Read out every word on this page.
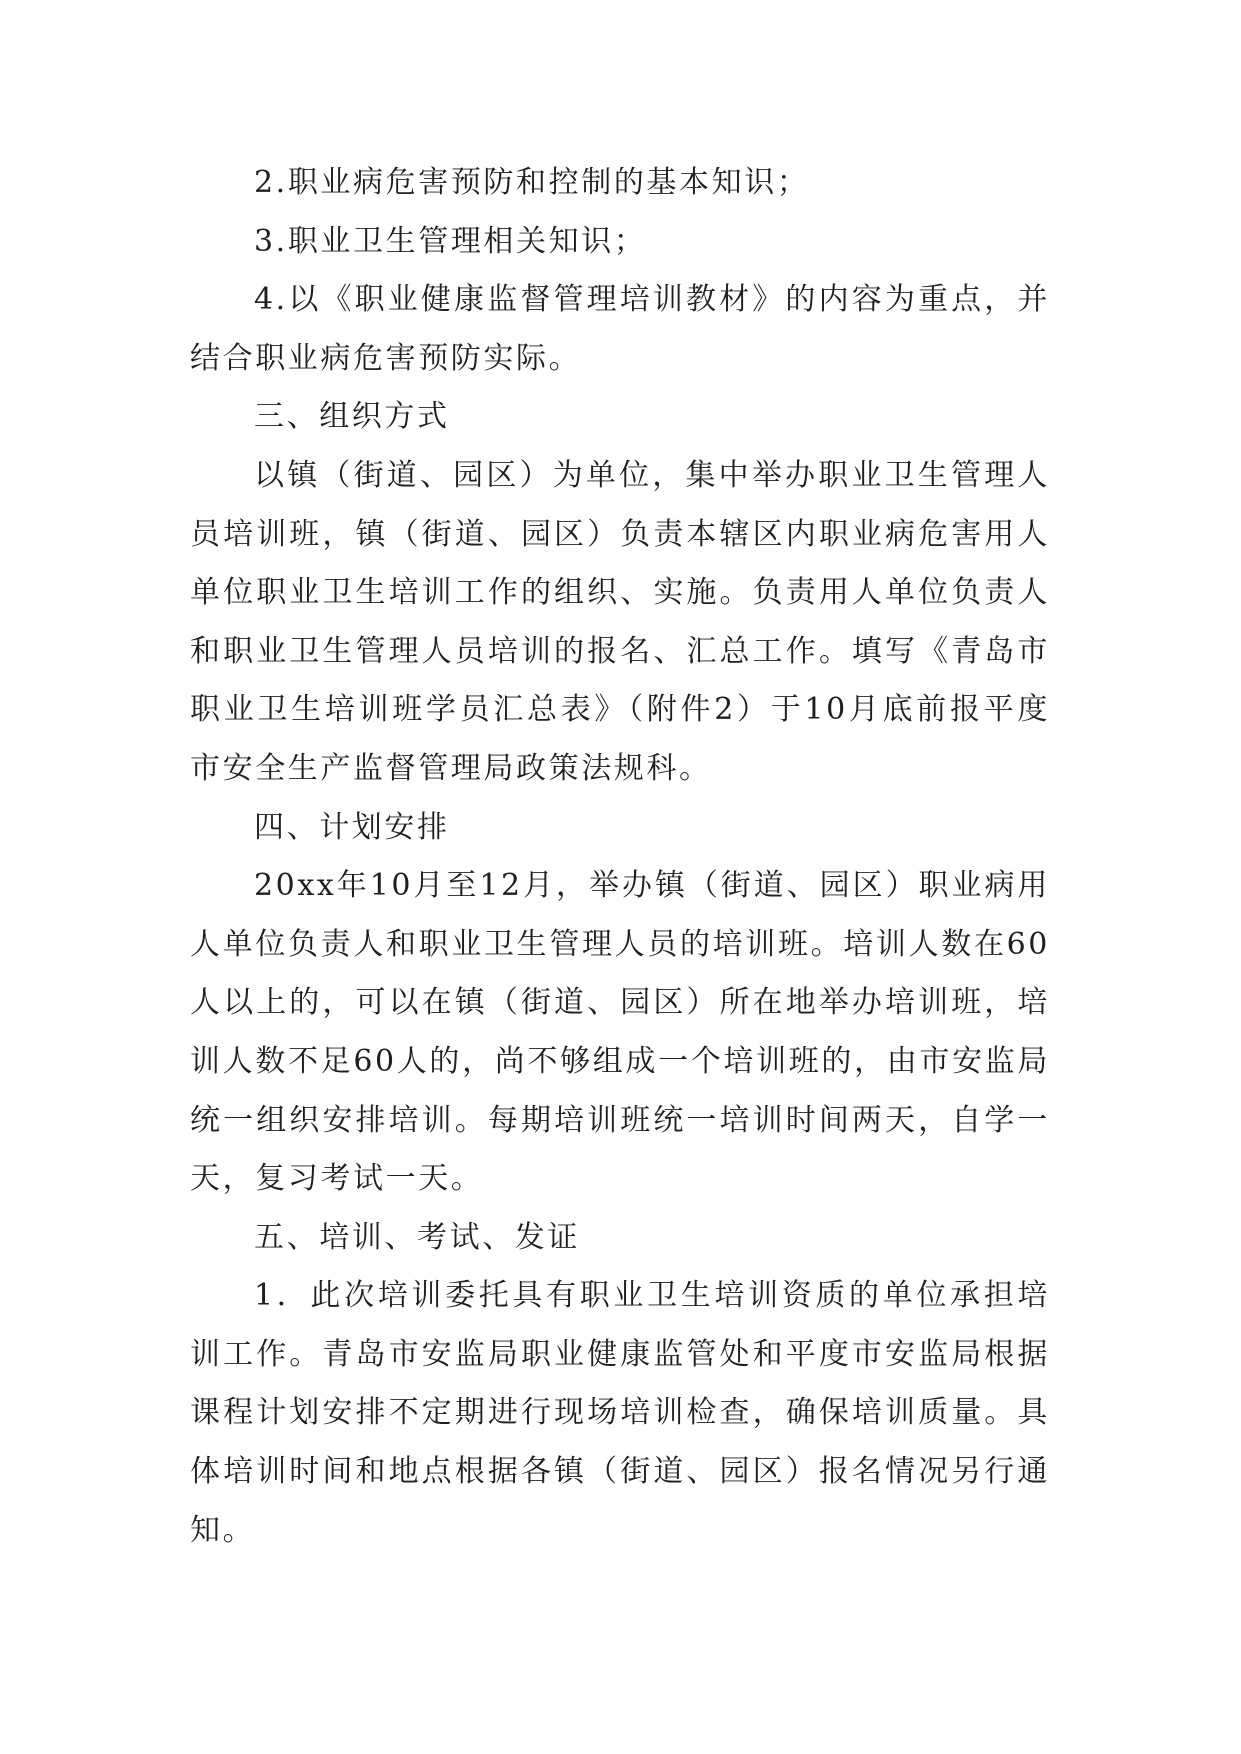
2.职业病危害预防和控制的基本知识；

3.职业卫生管理相关知识；

4.以《职业健康监督管理培训教材》的内容为重点，并结合职业病危害预防实际。

三、组织方式

以镇（街道、园区）为单位，集中举办职业卫生管理人员培训班，镇（街道、园区）负责本辖区内职业病危害用人单位职业卫生培训工作的组织、实施。负责用人单位负责人和职业卫生管理人员培训的报名、汇总工作。填写《青岛市职业卫生培训班学员汇总表》（附件2）于10月底前报平度市安全生产监督管理局政策法规科。

四、计划安排

20xx年10月至12月，举办镇（街道、园区）职业病用人单位负责人和职业卫生管理人员的培训班。培训人数在60人以上的，可以在镇（街道、园区）所在地举办培训班，培训人数不足60人的，尚不够组成一个培训班的，由市安监局统一组织安排培训。每期培训班统一培训时间两天，自学一天，复习考试一天。

五、培训、考试、发证

1．此次培训委托具有职业卫生培训资质的单位承担培训工作。青岛市安监局职业健康监管处和平度市安监局根据课程计划安排不定期进行现场培训检查，确保培训质量。具体培训时间和地点根据各镇（街道、园区）报名情况另行通知。
